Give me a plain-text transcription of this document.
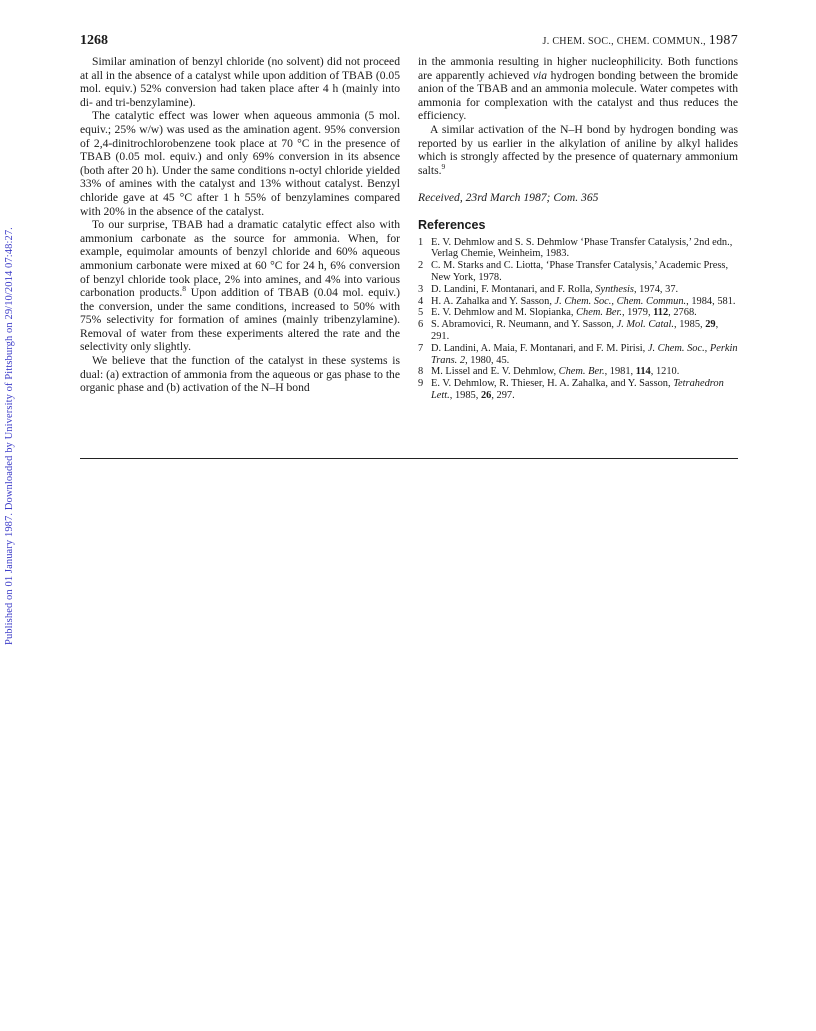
1268	J. CHEM. SOC., CHEM. COMMUN., 1987
Published on 01 January 1987. Downloaded by University of Pittsburgh on 29/10/2014 07:48:27.

Similar amination of benzyl chloride (no solvent) did not proceed at all in the absence of a catalyst while upon addition of TBAB (0.05 mol. equiv.) 52% conversion had taken place after 4 h (mainly into di- and tri-benzylamine).

The catalytic effect was lower when aqueous ammonia (5 mol. equiv.; 25% w/w) was used as the amination agent. 95% conversion of 2,4-dinitrochlorobenzene took place at 70 °C in the presence of TBAB (0.05 mol. equiv.) and only 69% conversion in its absence (both after 20 h). Under the same conditions n-octyl chloride yielded 33% of amines with the catalyst and 13% without catalyst. Benzyl chloride gave at 45 °C after 1 h 55% of benzylamines compared with 20% in the absence of the catalyst.

To our surprise, TBAB had a dramatic catalytic effect also with ammonium carbonate as the source for ammonia. When, for example, equimolar amounts of benzyl chloride and 60% aqueous ammonium carbonate were mixed at 60 °C for 24 h, 6% conversion of benzyl chloride took place, 2% into amines, and 4% into various carbonation products.$^8$ Upon addition of TBAB (0.04 mol. equiv.) the conversion, under the same conditions, increased to 50% with 75% selectivity for formation of amines (mainly tribenzylamine). Removal of water from these experiments altered the rate and the selectivity only slightly.

We believe that the function of the catalyst in these systems is dual: (a) extraction of ammonia from the aqueous or gas phase to the organic phase and (b) activation of the N–H bond

in the ammonia resulting in higher nucleophilicity. Both functions are apparently achieved via hydrogen bonding between the bromide anion of the TBAB and an ammonia molecule. Water competes with ammonia for complexation with the catalyst and thus reduces the efficiency.

A similar activation of the N–H bond by hydrogen bonding was reported by us earlier in the alkylation of aniline by alkyl halides which is strongly affected by the presence of quaternary ammonium salts.$^9$

Received, 23rd March 1987; Com. 365

References
1 E. V. Dehmlow and S. S. Dehmlow ‘Phase Transfer Catalysis,’ 2nd edn., Verlag Chemie, Weinheim, 1983.
2 C. M. Starks and C. Liotta, ‘Phase Transfer Catalysis,’ Academic Press, New York, 1978.
3 D. Landini, F. Montanari, and F. Rolla, Synthesis, 1974, 37.
4 H. A. Zahalka and Y. Sasson, J. Chem. Soc., Chem. Commun., 1984, 581.
5 E. V. Dehmlow and M. Slopianka, Chem. Ber., 1979, 112, 2768.
6 S. Abramovici, R. Neumann, and Y. Sasson, J. Mol. Catal., 1985, 29, 291.
7 D. Landini, A. Maia, F. Montanari, and F. M. Pirisi, J. Chem. Soc., Perkin Trans. 2, 1980, 45.
8 M. Lissel and E. V. Dehmlow, Chem. Ber., 1981, 114, 1210.
9 E. V. Dehmlow, R. Thieser, H. A. Zahalka, and Y. Sasson, Tetrahedron Lett., 1985, 26, 297.
